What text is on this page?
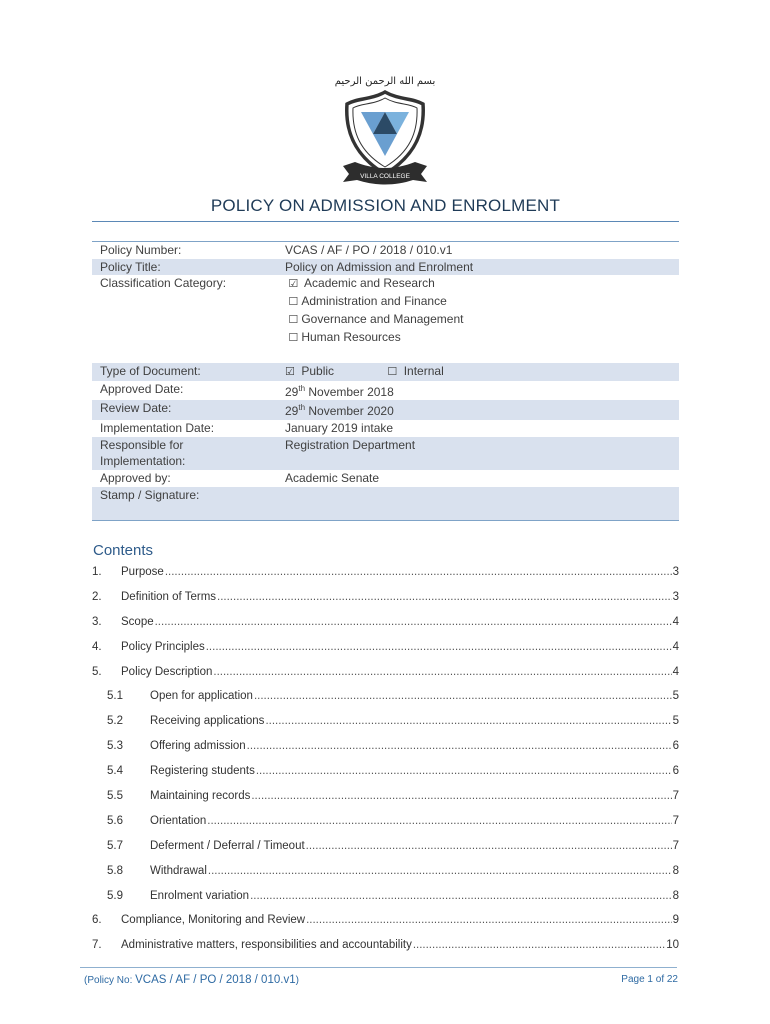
بسم الله الرحمن الرحيم
VILLA COLLEGE
POLICY ON ADMISSION AND ENROLMENT
Policy Number:	VCAS / AF / PO / 2018 / 010.v1
Policy Title:	Policy on Admission and Enrolment
Classification Category:	☑ Academic and Research
☐ Administration and Finance
☐ Governance and Management
☐ Human Resources
Type of Document:	☑ Public	☐ Internal
Approved Date:	29th November 2018
Review Date:	29th November 2020
Implementation Date:	January 2019 intake
Responsible for
Implementation:
Registration Department
Approved by:	Academic Senate
Stamp / Signature:
Contents
1.	Purpose .....	3
2.	Definition of Terms .....	3
3.	Scope .....	4
4.	Policy Principles .....	4
5.	Policy Description .....	4
5.1	Open for application .....	5
5.2	Receiving applications .....	5
5.3	Offering admission .....	6
5.4	Registering students .....	6
5.5	Maintaining records .....	7
5.6	Orientation .....	7
5.7	Deferment / Deferral / Timeout .....	7
5.8	Withdrawal .....	8
5.9	Enrolment variation .....	8
6.	Compliance, Monitoring and Review .....	9
7.	Administrative matters, responsibilities and accountability .....	10
(Policy No: VCAS / AF / PO / 2018 / 010.v1)	Page 1 of 22
